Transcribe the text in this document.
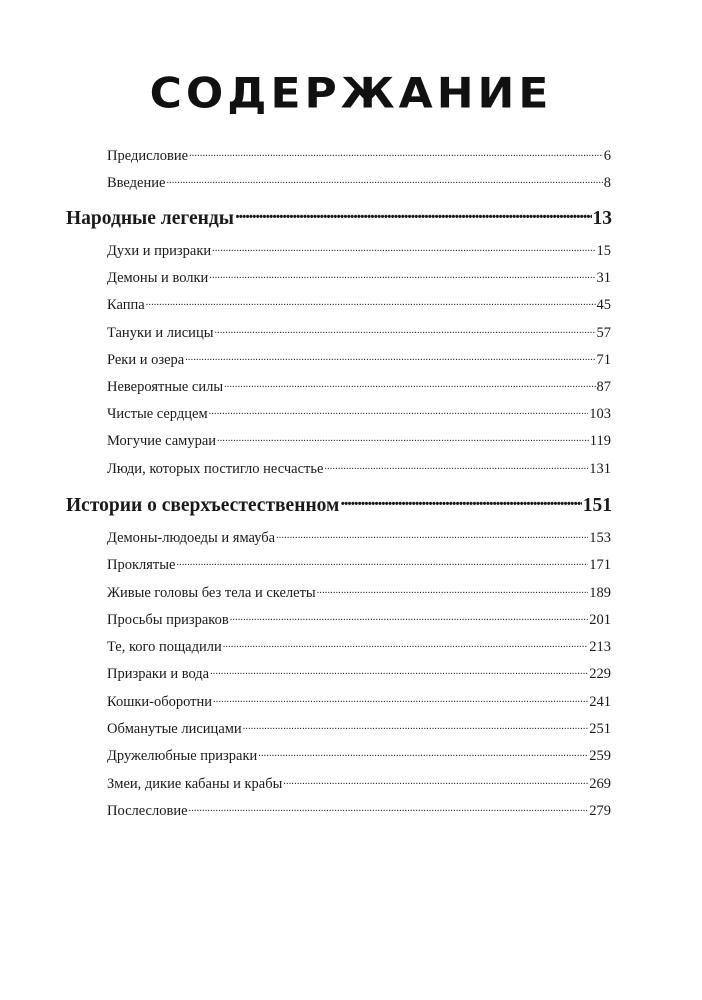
СОДЕРЖАНИЕ
Предисловие .....	6
Введение .....	8
Народные легенды .....	13
Духи и призраки .....	15
Демоны и волки .....	31
Каппа .....	45
Тануки и лисицы .....	57
Реки и озера .....	71
Невероятные силы .....	87
Чистые сердцем .....	103
Могучие самураи .....	119
Люди, которых постигло несчастье .....	131
Истории о сверхъестественном .....	151
Демоны-людоеды и ямауба .....	153
Проклятые .....	171
Живые головы без тела и скелеты .....	189
Просьбы призраков .....	201
Те, кого пощадили .....	213
Призраки и вода .....	229
Кошки-оборотни .....	241
Обманутые лисицами .....	251
Дружелюбные призраки .....	259
Змеи, дикие кабаны и крабы .....	269
Послесловие .....	279
